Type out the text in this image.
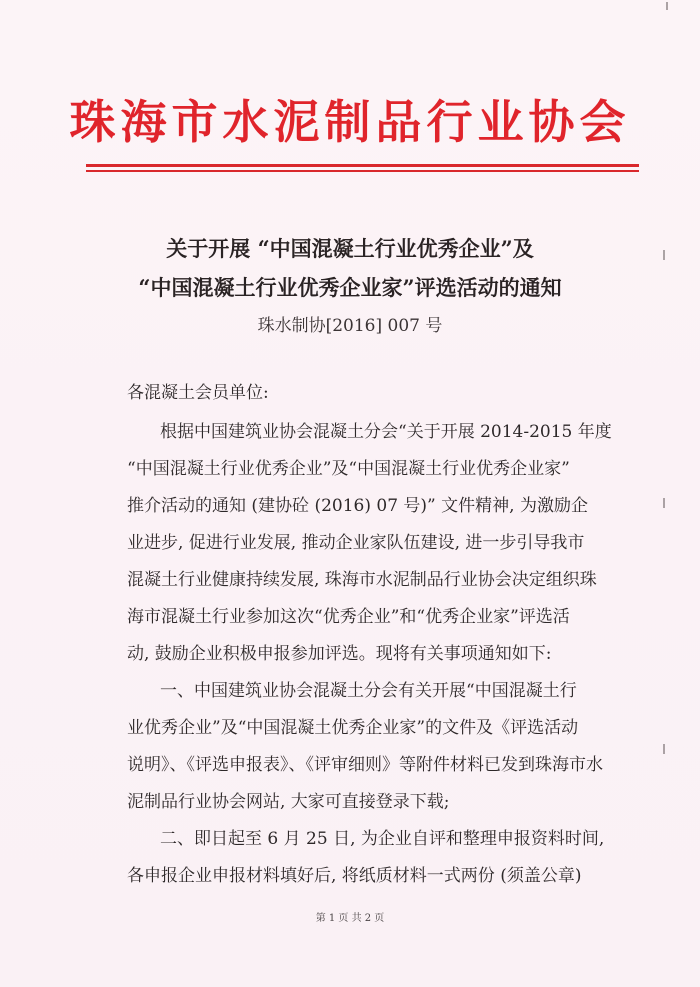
珠海市水泥制品行业协会
关于开展 “中国混凝土行业优秀企业”及
“中国混凝土行业优秀企业家”评选活动的通知
珠水制协[2016] 007 号
各混凝土会员单位:
根据中国建筑业协会混凝土分会“关于开展 2014-2015 年度
“中国混凝土行业优秀企业”及“中国混凝土行业优秀企业家”
推介活动的通知 (建协砼 (2016) 07 号)” 文件精神, 为激励企
业进步, 促进行业发展, 推动企业家队伍建设, 进一步引导我市
混凝土行业健康持续发展, 珠海市水泥制品行业协会决定组织珠
海市混凝土行业参加这次“优秀企业”和“优秀企业家”评选活
动, 鼓励企业积极申报参加评选。现将有关事项通知如下:
一、中国建筑业协会混凝土分会有关开展“中国混凝土行
业优秀企业”及“中国混凝土优秀企业家”的文件及《评选活动
说明》、《评选申报表》、《评审细则》等附件材料已发到珠海市水
泥制品行业协会网站, 大家可直接登录下载;
二、即日起至 6 月 25 日, 为企业自评和整理申报资料时间,
各申报企业申报材料填好后, 将纸质材料一式两份 (须盖公章)
第 1 页 共 2 页
